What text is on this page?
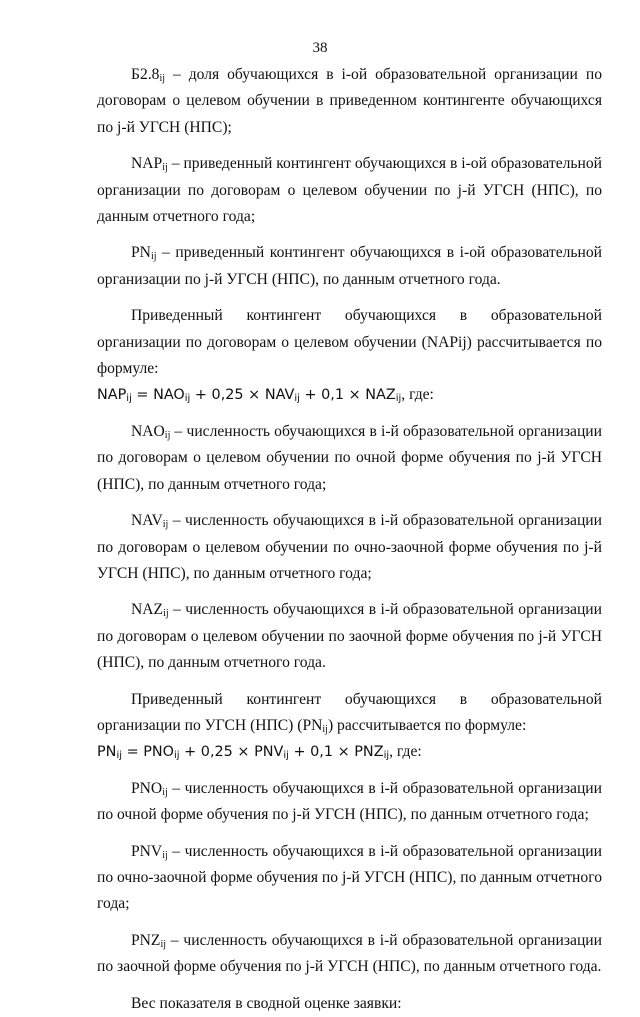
38

$Б2.8_{ij}$ – доля обучающихся в i-ой образовательной организации по договорам о целевом обучении в приведенном контингенте обучающихся по j-й УГСН (НПС);

$NAP_{ij}$ – приведенный контингент обучающихся в i-ой образовательной организации по договорам о целевом обучении по j-й УГСН (НПС), по данным отчетного года;

$PN_{ij}$ – приведенный контингент обучающихся в i-ой образовательной организации по j-й УГСН (НПС), по данным отчетного года.

Приведенный контингент обучающихся в образовательной организации по договорам о целевом обучении (NAPij) рассчитывается по формуле:

$NAP_{ij} = NAO_{ij} + 0,25 \times NAV_{ij} + 0,1 \times NAZ_{ij}$, где:

$NAO_{ij}$ – численность обучающихся в i-й образовательной организации по договорам о целевом обучении по очной форме обучения по j-й УГСН (НПС), по данным отчетного года;

$NAV_{ij}$ – численность обучающихся в i-й образовательной организации по договорам о целевом обучении по очно-заочной форме обучения по j-й УГСН (НПС), по данным отчетного года;

$NAZ_{ij}$ – численность обучающихся в i-й образовательной организации по договорам о целевом обучении по заочной форме обучения по j-й УГСН (НПС), по данным отчетного года.

Приведенный контингент обучающихся в образовательной организации по УГСН (НПС) $(PN_{ij})$ рассчитывается по формуле:

$PN_{ij} = PNO_{ij} + 0,25 \times PNV_{ij} + 0,1 \times PNZ_{ij}$, где:

$PNO_{ij}$ – численность обучающихся в i-й образовательной организации по очной форме обучения по j-й УГСН (НПС), по данным отчетного года;

$PNV_{ij}$ – численность обучающихся в i-й образовательной организации по очно-заочной форме обучения по j-й УГСН (НПС), по данным отчетного года;

$PNZ_{ij}$ – численность обучающихся в i-й образовательной организации по заочной форме обучения по j-й УГСН (НПС), по данным отчетного года.

Вес показателя в сводной оценке заявки:
